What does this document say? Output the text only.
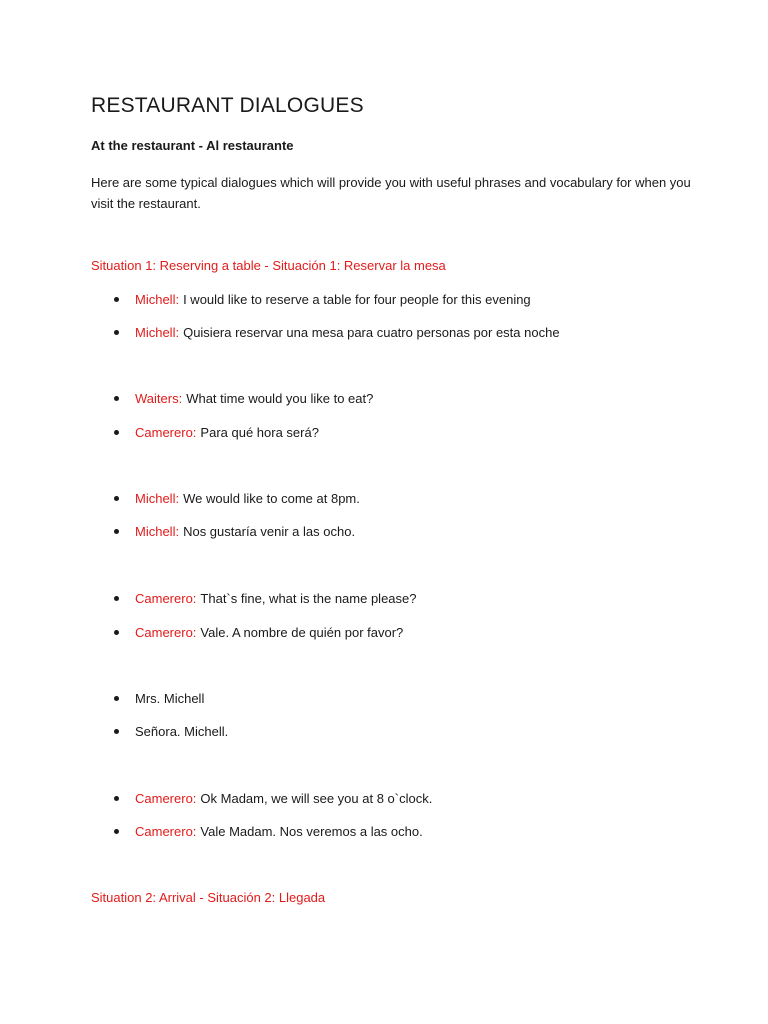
RESTAURANT DIALOGUES
At the restaurant - Al restaurante
Here are some typical dialogues which will provide you with useful phrases and vocabulary for when you visit the restaurant.
Situation 1: Reserving a table - Situación 1: Reservar la mesa
Michell: I would like to reserve a table for four people for this evening
Michell: Quisiera reservar una mesa para cuatro personas por esta noche
Waiters: What time would you like to eat?
Camerero: Para qué hora será?
Michell: We would like to come at 8pm.
Michell: Nos gustaría venir a las ocho.
Camerero: That`s fine, what is the name please?
Camerero: Vale. A nombre de quién por favor?
Mrs. Michell
Señora. Michell.
Camerero: Ok Madam, we will see you at 8 o`clock.
Camerero: Vale Madam. Nos veremos a las ocho.
Situation 2: Arrival - Situación 2: Llegada
